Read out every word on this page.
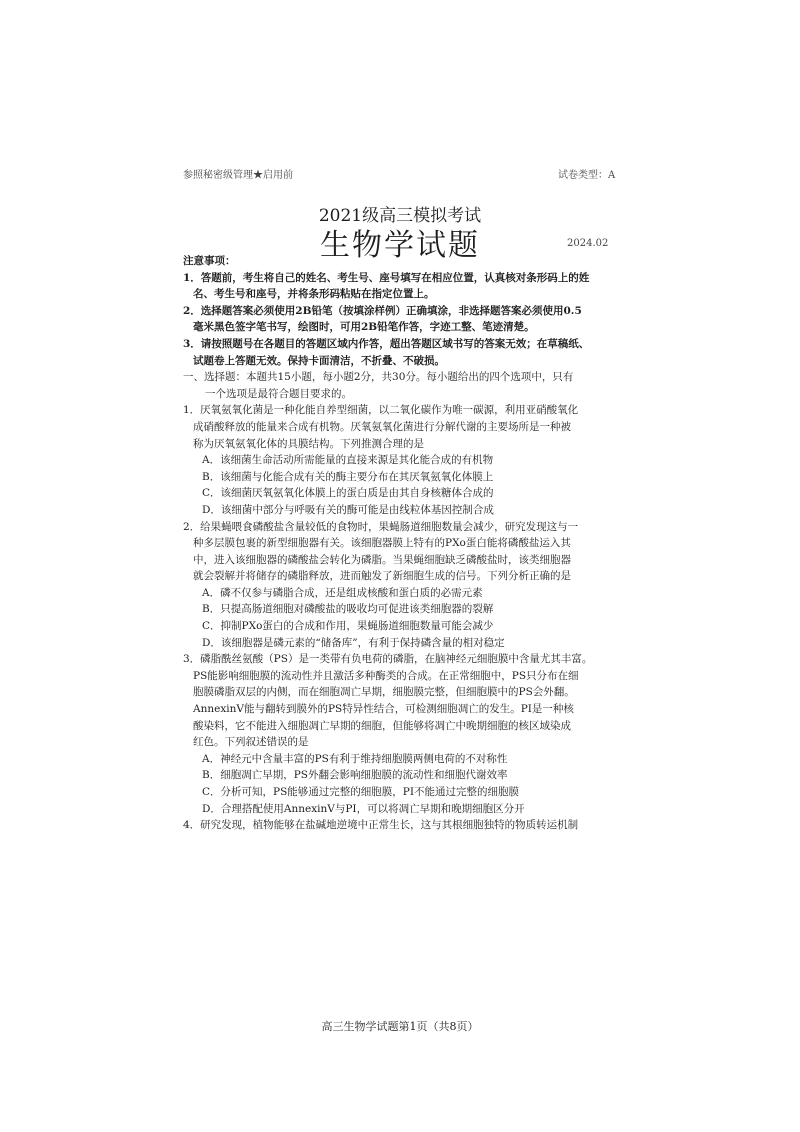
参照秘密级管理★启用前	试卷类型：A
2021级高三模拟考试
生物学试题	2024.02

注意事项：

1．答题前，考生将自己的姓名、考生号、座号填写在相应位置，认真核对条形码上的姓

名、考生号和座号，并将条形码粘贴在指定位置上。

2．选择题答案必须使用2B铅笔（按填涂样例）正确填涂，非选择题答案必须使用0.5

毫米黑色签字笔书写，绘图时，可用2B铅笔作答，字迹工整、笔迹清楚。

3．请按照题号在各题目的答题区域内作答，超出答题区域书写的答案无效；在草稿纸、

试题卷上答题无效。保持卡面清洁，不折叠、不破损。

一、选择题：本题共15小题，每小题2分，共30分。每小题给出的四个选项中，只有

一个选项是最符合题目要求的。

1．厌氧氨氧化菌是一种化能自养型细菌，以二氧化碳作为唯一碳源，利用亚硝酸氧化

成硝酸释放的能量来合成有机物。厌氧氨氧化菌进行分解代谢的主要场所是一种被

称为厌氧氨氧化体的具膜结构。下列推测合理的是

A．该细菌生命活动所需能量的直接来源是其化能合成的有机物

B．该细菌与化能合成有关的酶主要分布在其厌氧氨氧化体膜上

C．该细菌厌氧氨氧化体膜上的蛋白质是由其自身核糖体合成的

D．该细菌中部分与呼吸有关的酶可能是由线粒体基因控制合成

2．给果蝇喂食磷酸盐含量较低的食物时，果蝇肠道细胞数量会减少，研究发现这与一

种多层膜包裹的新型细胞器有关。该细胞器膜上特有的PXo蛋白能将磷酸盐运入其

中，进入该细胞器的磷酸盐会转化为磷脂。当果蝇细胞缺乏磷酸盐时，该类细胞器

就会裂解并将储存的磷脂释放，进而触发了新细胞生成的信号。下列分析正确的是

A．磷不仅参与磷脂合成，还是组成核酸和蛋白质的必需元素

B．只提高肠道细胞对磷酸盐的吸收均可促进该类细胞器的裂解

C．抑制PXo蛋白的合成和作用，果蝇肠道细胞数量可能会减少

D．该细胞器是磷元素的“储备库”，有利于保持磷含量的相对稳定

3．磷脂酰丝氨酸（PS）是一类带有负电荷的磷脂，在脑神经元细胞膜中含量尤其丰富。

PS能影响细胞膜的流动性并且激活多种酶类的合成。在正常细胞中，PS只分布在细

胞膜磷脂双层的内侧，而在细胞凋亡早期，细胞膜完整，但细胞膜中的PS会外翻。

AnnexinⅤ能与翻转到膜外的PS特异性结合，可检测细胞凋亡的发生。PI是一种核

酸染料，它不能进入细胞凋亡早期的细胞，但能够将凋亡中晚期细胞的核区域染成

红色。下列叙述错误的是

A．神经元中含量丰富的PS有利于维持细胞膜两侧电荷的不对称性

B．细胞凋亡早期，PS外翻会影响细胞膜的流动性和细胞代谢效率

C．分析可知，PS能够通过完整的细胞膜，PI不能通过完整的细胞膜

D．合理搭配使用AnnexinⅤ与PI，可以将凋亡早期和晚期细胞区分开

4．研究发现，植物能够在盐碱地逆境中正常生长，这与其根细胞独特的物质转运机制

高三生物学试题第1页（共8页）
